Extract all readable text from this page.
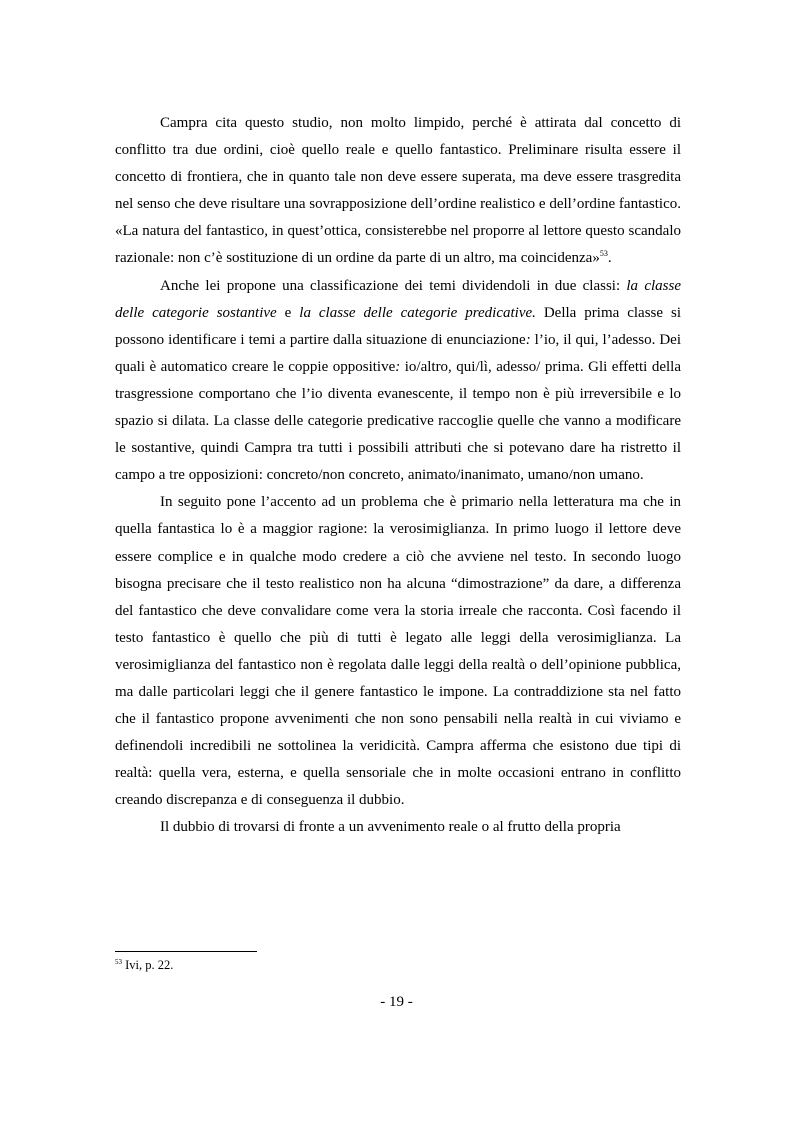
Campra cita questo studio, non molto limpido, perché è attirata dal concetto di conflitto tra due ordini, cioè quello reale e quello fantastico. Preliminare risulta essere il concetto di frontiera, che in quanto tale non deve essere superata, ma deve essere trasgredita nel senso che deve risultare una sovrapposizione dell’ordine realistico e dell’ordine fantastico. «La natura del fantastico, in quest’ottica, consisterebbe nel proporre al lettore questo scandalo razionale: non c’è sostituzione di un ordine da parte di un altro, ma coincidenza»$^{53}$.

Anche lei propone una classificazione dei temi dividendoli in due classi: la classe delle categorie sostantive e la classe delle categorie predicative. Della prima classe si possono identificare i temi a partire dalla situazione di enunciazione: l’io, il qui, l’adesso. Dei quali è automatico creare le coppie oppositive: io/altro, qui/lì, adesso/ prima. Gli effetti della trasgressione comportano che l’io diventa evanescente, il tempo non è più irreversibile e lo spazio si dilata. La classe delle categorie predicative raccoglie quelle che vanno a modificare le sostantive, quindi Campra tra tutti i possibili attributi che si potevano dare ha ristretto il campo a tre opposizioni: concreto/non concreto, animato/inanimato, umano/non umano.

In seguito pone l’accento ad un problema che è primario nella letteratura ma che in quella fantastica lo è a maggior ragione: la verosimiglianza. In primo luogo il lettore deve essere complice e in qualche modo credere a ciò che avviene nel testo. In secondo luogo bisogna precisare che il testo realistico non ha alcuna “dimostrazione” da dare, a differenza del fantastico che deve convalidare come vera la storia irreale che racconta. Così facendo il testo fantastico è quello che più di tutti è legato alle leggi della verosimiglianza. La verosimiglianza del fantastico non è regolata dalle leggi della realtà o dell’opinione pubblica, ma dalle particolari leggi che il genere fantastico le impone. La contraddizione sta nel fatto che il fantastico propone avvenimenti che non sono pensabili nella realtà in cui viviamo e definendoli incredibili ne sottolinea la veridicità. Campra afferma che esistono due tipi di realtà: quella vera, esterna, e quella sensoriale che in molte occasioni entrano in conflitto creando discrepanza e di conseguenza il dubbio.

Il dubbio di trovarsi di fronte a un avvenimento reale o al frutto della propria

$^{53}$ Ivi, p. 22.
- 19 -
